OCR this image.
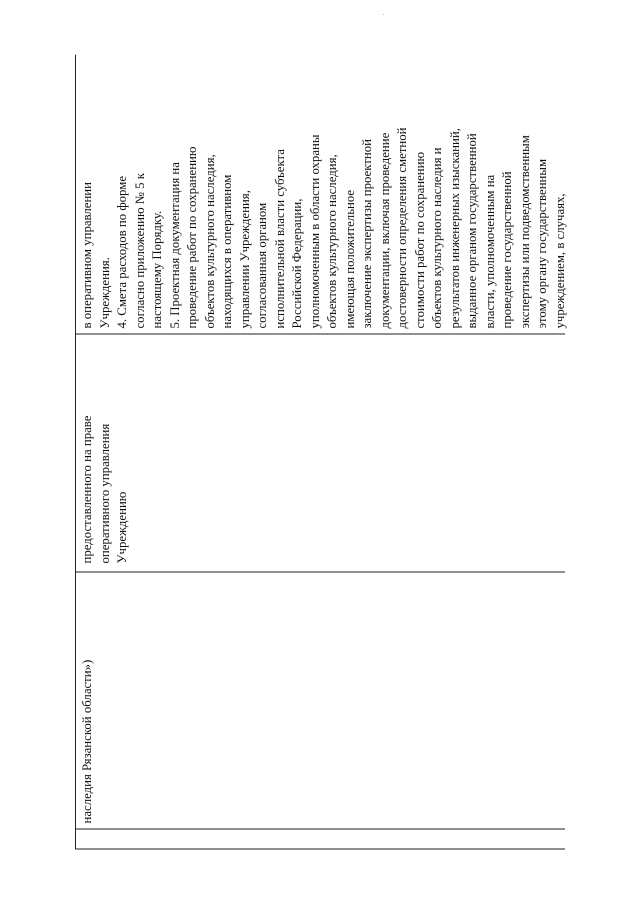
наследия Рязанской области»)
предоставленного на праве оперативного управления Учреждению
в оперативном управлении Учреждения. 4. Смета расходов по форме согласно приложению № 5 к настоящему Порядку. 5. Проектная документация на проведение работ по сохранению объектов культурного наследия, находящихся в оперативном управлении Учреждения, согласованная органом исполнительной власти субъекта Российской Федерации, уполномоченным в области охраны объектов культурного наследия, имеющая положительное заключение экспертизы проектной документации, включая проведение достоверности определения сметной стоимости работ по сохранению объектов культурного наследия и результатов инженерных изысканий, выданное органом государственной власти, уполномоченным на проведение государственной экспертизы или подведомственным этому органу государственным учреждением, в случаях,
